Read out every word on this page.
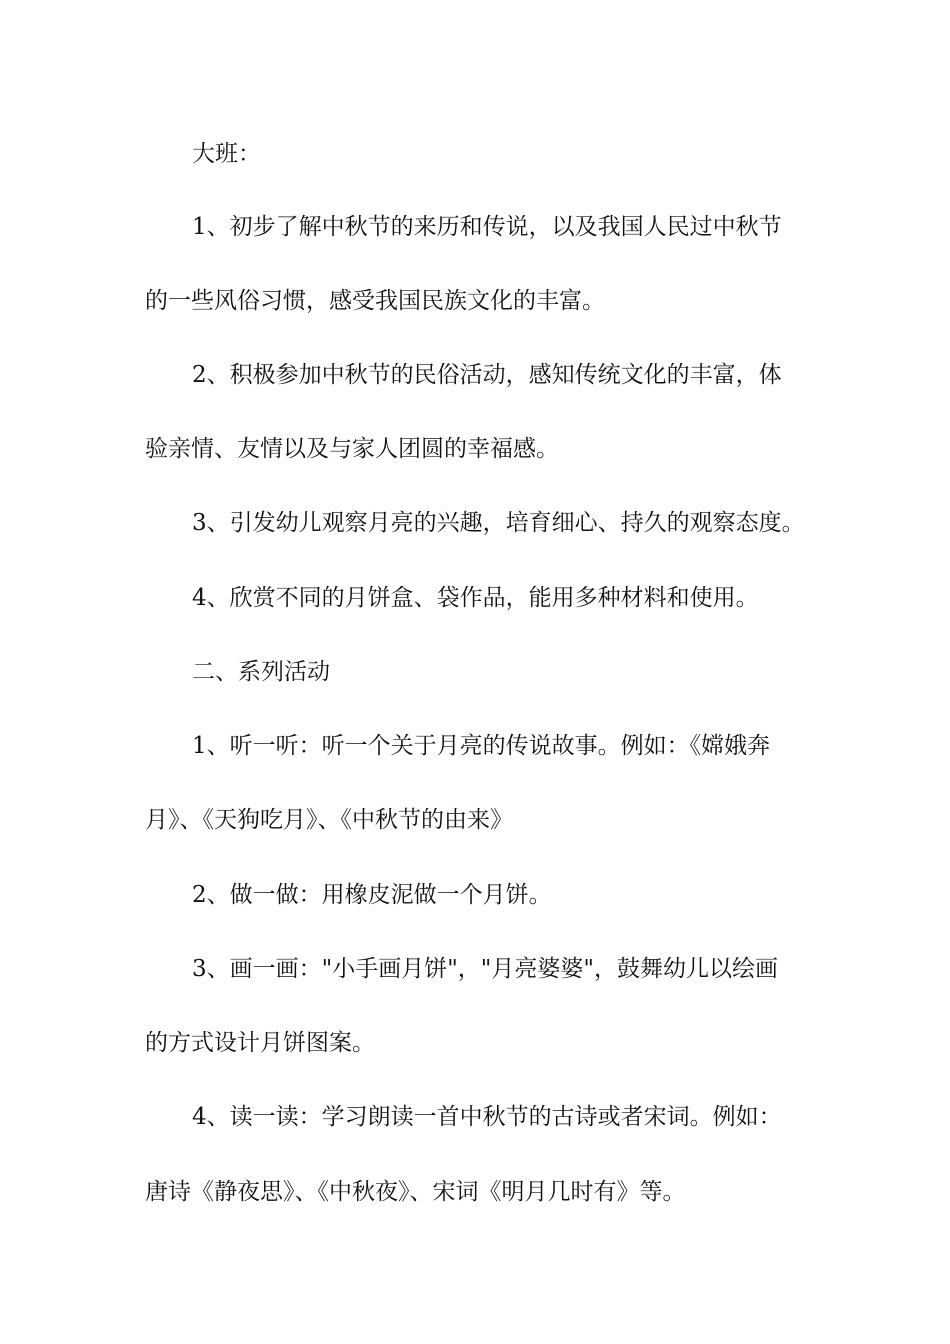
大班：
1、初步了解中秋节的来历和传说，以及我国人民过中秋节
的一些风俗习惯，感受我国民族文化的丰富。
2、积极参加中秋节的民俗活动，感知传统文化的丰富，体
验亲情、友情以及与家人团圆的幸福感。
3、引发幼儿观察月亮的兴趣，培育细心、持久的观察态度。
4、欣赏不同的月饼盒、袋作品，能用多种材料和使用。
二、系列活动
1、听一听：听一个关于月亮的传说故事。例如：《嫦娥奔
月》、《天狗吃月》、《中秋节的由来》
2、做一做：用橡皮泥做一个月饼。
3、画一画："小手画月饼"，"月亮婆婆"，鼓舞幼儿以绘画
的方式设计月饼图案。
4、读一读：学习朗读一首中秋节的古诗或者宋词。例如：
唐诗《静夜思》、《中秋夜》、宋词《明月几时有》等。
